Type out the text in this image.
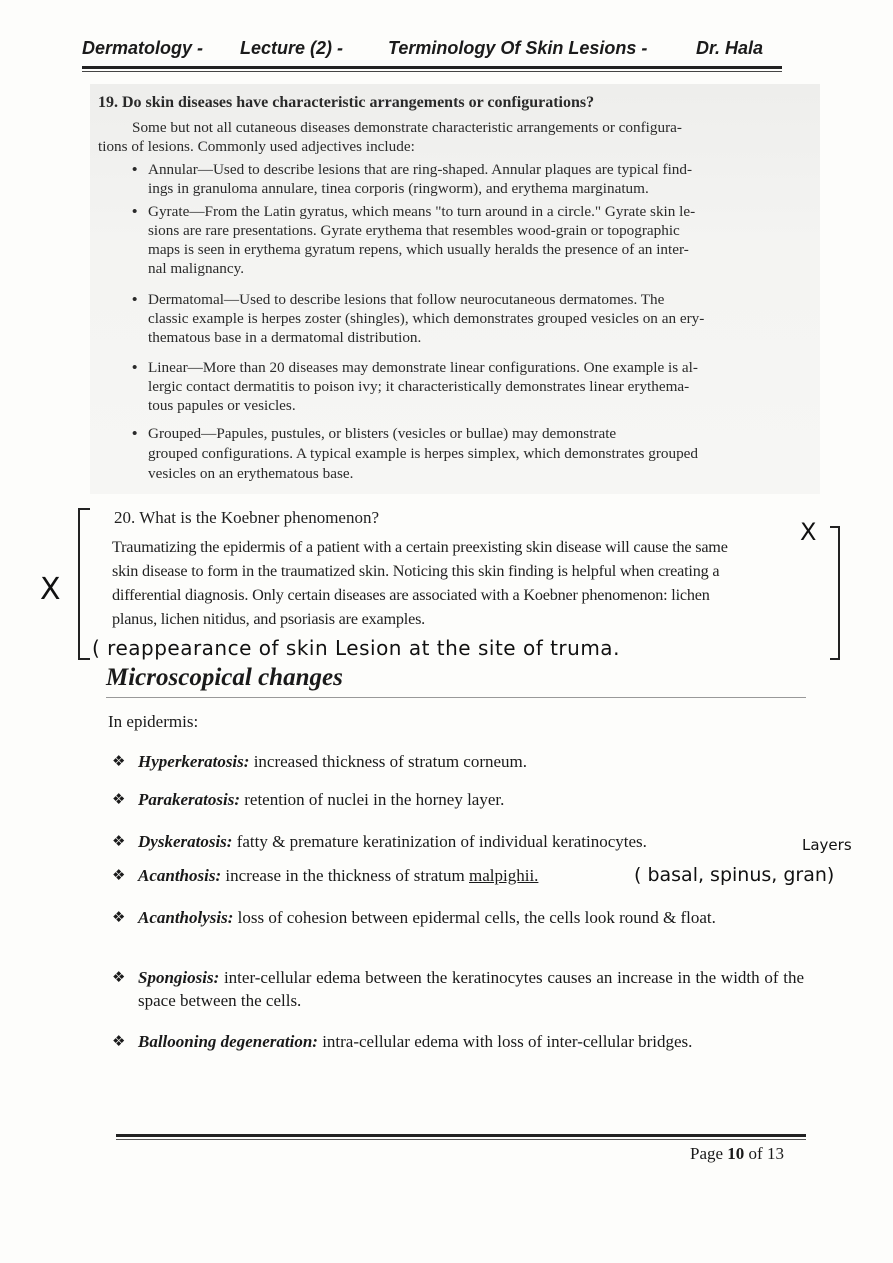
Dermatology - Lecture (2) - Terminology Of Skin Lesions -	Dr. Hala
19. Do skin diseases have characteristic arrangements or configurations?
Some but not all cutaneous diseases demonstrate characteristic arrangements or configura-
tions of lesions. Commonly used adjectives include:
• Annular—Used to describe lesions that are ring-shaped. Annular plaques are typical find-
ings in granuloma annulare, tinea corporis (ringworm), and erythema marginatum.
• Gyrate—From the Latin gyratus, which means "to turn around in a circle." Gyrate skin le-
sions are rare presentations. Gyrate erythema that resembles wood-grain or topographic
maps is seen in erythema gyratum repens, which usually heralds the presence of an inter-
nal malignancy.
• Dermatomal—Used to describe lesions that follow neurocutaneous dermatomes. The
classic example is herpes zoster (shingles), which demonstrates grouped vesicles on an ery-
thematous base in a dermatomal distribution.
• Linear—More than 20 diseases may demonstrate linear configurations. One example is al-
lergic contact dermatitis to poison ivy; it characteristically demonstrates linear erythema-
tous papules or vesicles.
• Grouped—Papules, pustules, or blisters (vesicles or bullae) may demonstrate
grouped configurations. A typical example is herpes simplex, which demonstrates grouped
vesicles on an erythematous base.
X
X
20. What is the Koebner phenomenon?
Traumatizing the epidermis of a patient with a certain preexisting skin disease will cause the same
skin disease to form in the traumatized skin. Noticing this skin finding is helpful when creating a
differential diagnosis. Only certain diseases are associated with a Koebner phenomenon: lichen
planus, lichen nitidus, and psoriasis are examples.
( reappearance of skin Lesion at the site of truma.
Microscopical changes
In epidermis:
❖ Hyperkeratosis: increased thickness of stratum corneum.
❖ Parakeratosis: retention of nuclei in the horney layer.
❖ Dyskeratosis: fatty & premature keratinization of individual keratinocytes.
❖ Acanthosis: increase in the thickness of stratum malpighii.
❖ Acantholysis: loss of cohesion between epidermal cells, the cells look round & float.
❖ Spongiosis: inter-cellular edema between the keratinocytes causes an increase in the width of the space between the cells.
❖ Ballooning degeneration: intra-cellular edema with loss of inter-cellular bridges.
Layers
( basal, spinus, gran)
Page 10 of 13
